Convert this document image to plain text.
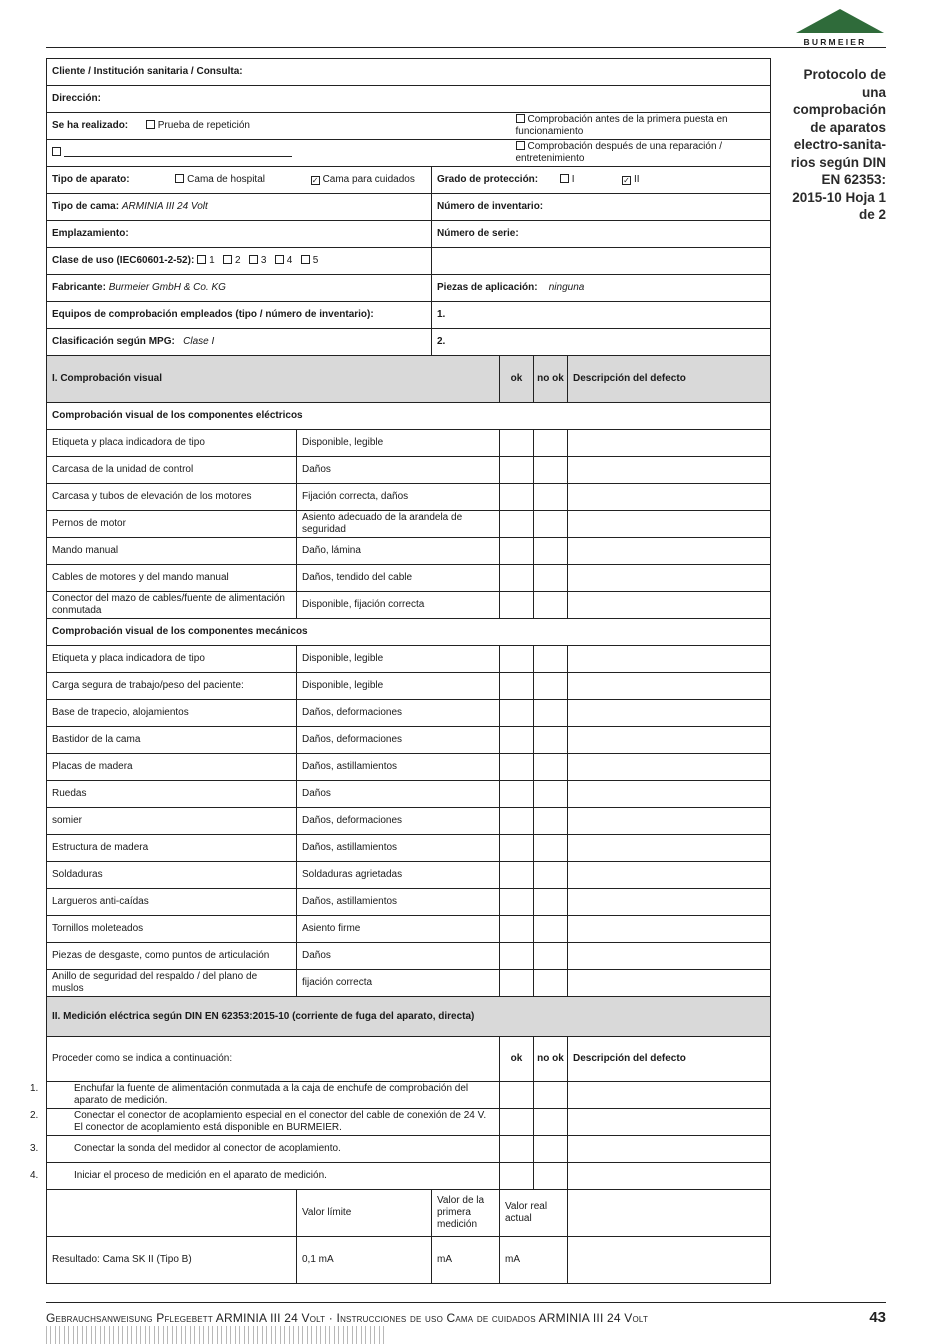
BURMEIER
Protocolo de una comprobación de aparatos electro-sanita-rios según DIN EN 62353: 2015-10 Hoja 1 de 2
Cliente / Institución sanitaria / Consulta:					
Dirección:					
Se ha realizado: Prueba de repetición			Comprobación antes de la primera puesta en funcionamiento		
			Comprobación después de una reparación / entretenimiento		
Tipo de aparato: Cama de hospital ✓ Cama para cuidados		Grado de protección: I ✓ II			
Tipo de cama: ARMINIA III 24 Volt		Número de inventario:			
Emplazamiento:		Número de serie:			
Clase de uso (IEC60601-2-52): 1 2 3 4 5					
Fabricante: Burmeier GmbH & Co. KG		Piezas de aplicación: ninguna			
Equipos de comprobación empleados (tipo / número de inventario):		1.			
Clasificación según MPG: Clase I		2.			
I. Comprobación visual			ok	no ok	Descripción del defecto
Comprobación visual de los componentes eléctricos					
Etiqueta y placa indicadora de tipo	Disponible, legible				
Carcasa de la unidad de control	Daños				
Carcasa y tubos de elevación de los motores	Fijación correcta, daños				
Pernos de motor	Asiento adecuado de la arandela de seguridad				
Mando manual	Daño, lámina				
Cables de motores y del mando manual	Daños, tendido del cable				
Conector del mazo de cables/fuente de alimentación conmutada	Disponible, fijación correcta				
Comprobación visual de los componentes mecánicos					
Etiqueta y placa indicadora de tipo	Disponible, legible				
Carga segura de trabajo/peso del paciente:	Disponible, legible				
Base de trapecio, alojamientos	Daños, deformaciones				
Bastidor de la cama	Daños, deformaciones				
Placas de madera	Daños, astillamientos				
Ruedas	Daños				
somier	Daños, deformaciones				
Estructura de madera	Daños, astillamientos				
Soldaduras	Soldaduras agrietadas				
Largueros anti-caídas	Daños, astillamientos				
Tornillos moleteados	Asiento firme				
Piezas de desgaste, como puntos de articulación	Daños				
Anillo de seguridad del respaldo / del plano de muslos	fijación correcta				
II. Medición eléctrica según DIN EN 62353:2015-10 (corriente de fuga del aparato, directa)					
Proceder como se indica a continuación:			ok	no ok	Descripción del defecto

1. Enchufar la fuente de alimentación conmutada a la caja de enchufe de comprobación del aparato de medición.					

2. Conectar el conector de acoplamiento especial en el conector del cable de conexión de 24 V.
El conector de acoplamiento está disponible en BURMEIER.					

3. Conectar la sonda del medidor al conector de acoplamiento.					

4. Iniciar el proceso de medición en el aparato de medición.					

	Valor límite	Valor de la primera medición	Valor real actual		
Resultado: Cama SK II (Tipo B)	0,1 mA	mA	mA		
Gebrauchsanweisung Pflegebett ARMINIA III 24 Volt · Instrucciones de uso Cama de cuidados ARMINIA III 24 Volt	43
